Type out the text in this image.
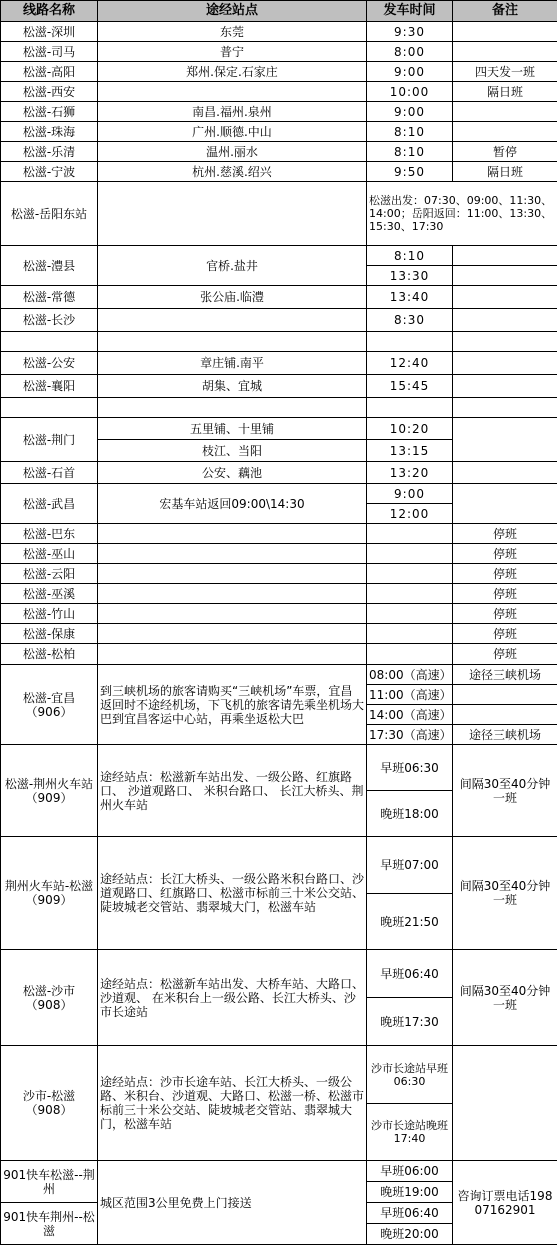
线路名称	途经站点	发车时间	备注
松滋-深圳	东莞	9:30	
松滋-司马	普宁	8:00	
松滋-高阳	郑州.保定.石家庄	9:00	四天发一班
松滋-西安		10:00	隔日班
松滋-石狮	南昌.福州.泉州	9:00	
松滋-珠海	广州.顺德.中山	8:10	
松滋-乐清	温州.丽水	8:10	暂停
松滋-宁波	杭州.慈溪.绍兴	9:50	隔日班
松滋-岳阳东站		松滋出发：07:30、09:00、11:30、14:00；岳阳返回：11:00、13:30、15:30、17:30	
松滋-澧县	官桥.盐井	8:10	
		13:30	
松滋-常德	张公庙.临澧	13:40	
松滋-长沙		8:30	

松滋-公安	章庄铺.南平	12:40	
松滋-襄阳	胡集、宜城	15:45	

松滋-荆门	五里铺、十里铺	10:20	
	枝江、当阳	13:15	
松滋-石首	公安、藕池	13:20	
松滋-武昌	宏基车站返回09:00\14:30	9:00	
		12:00	
松滋-巴东			停班
松滋-巫山			停班
松滋-云阳			停班
松滋-巫溪			停班
松滋-竹山			停班
松滋-保康			停班
松滋-松柏			停班
松滋-宜昌
（906）	到三峡机场的旅客请购买“三峡机场”车票，宜昌返回时不途经机场，下飞机的旅客请先乘坐机场大巴到宜昌客运中心站，再乘坐返松大巴	08:00（高速）	途径三峡机场
		11:00（高速）	
		14:00（高速）	
		17:30（高速）	途径三峡机场
松滋-荆州火车站（909）	途经站点：松滋新车站出发、一级公路、红旗路口、 沙道观路口、 米积台路口、 长江大桥头、荆州火车站	早班06:30	间隔30至40分钟一班
		晚班18:00	
荆州火车站-松滋（909）	途经站点：长江大桥头、一级公路米积台路口、沙道观路口、红旗路口、松滋市标前三十米公交站、陡坡城老交管站、翡翠城大门，松滋车站	早班07:00	间隔30至40分钟一班
		晚班21:50	
松滋-沙市
（908）	途经站点：松滋新车站出发、大桥车站、大路口、沙道观、 在米积台上一级公路、长江大桥头、沙市长途站	早班06:40	间隔30至40分钟一班
		晚班17:30	
沙市-松滋
（908）	途经站点：沙市长途车站、长江大桥头、一级公路、米积台、沙道观、大路口、松滋一桥、松滋市标前三十米公交站、陡坡城老交管站、翡翠城大门，松滋车站	沙市长途站早班06:30	
		沙市长途站晚班17:40	
901快车松滋--荆州	城区范围3公里免费上门接送	早班06:00	咨询订票电话19807162901
		晚班19:00	
901快车荆州--松滋		早班06:40	
		晚班20:00	
